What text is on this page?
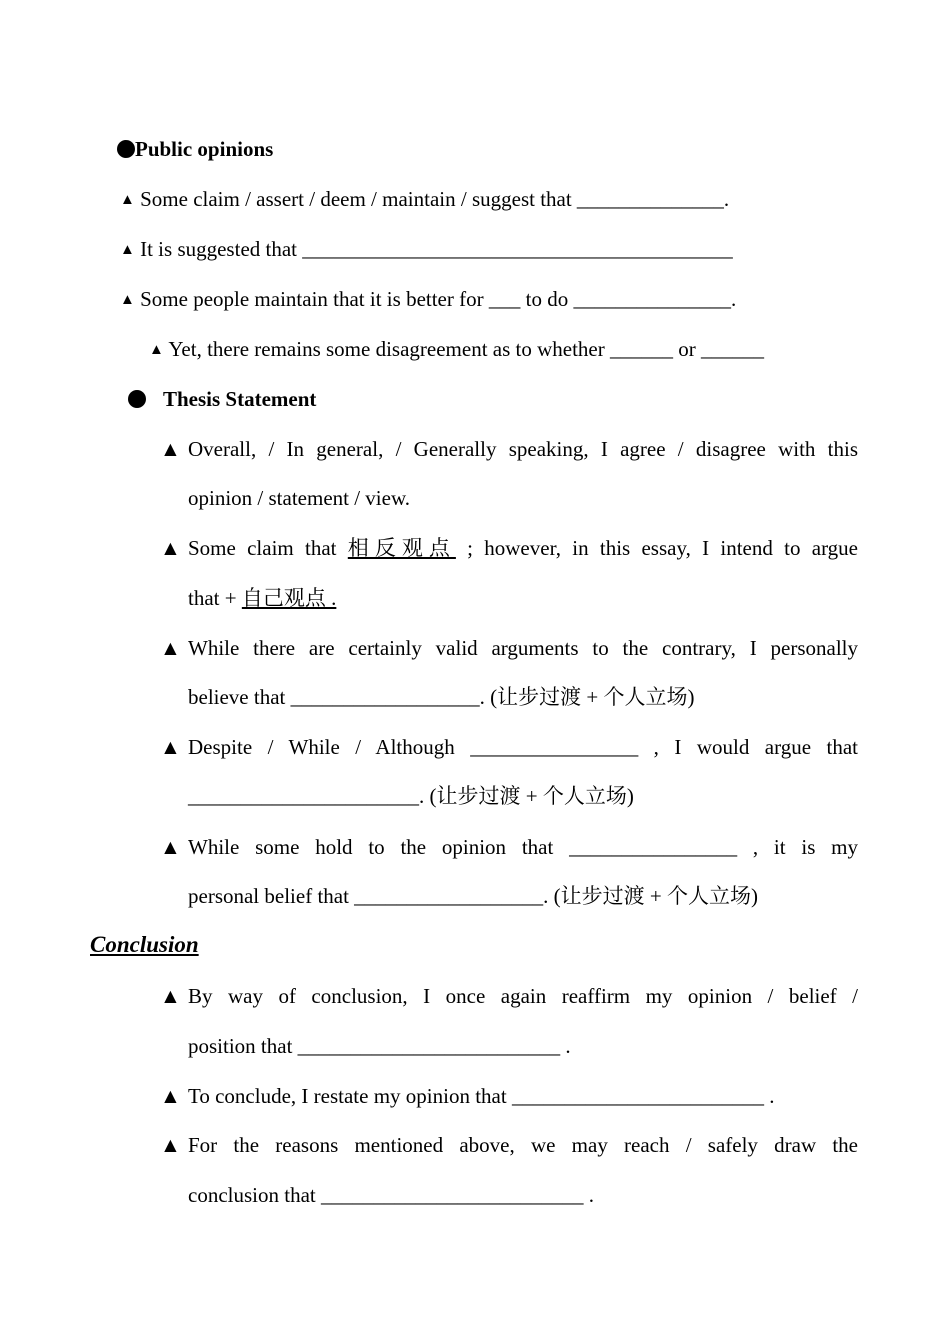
Public opinions
▲ Some claim / assert / deem / maintain / suggest that ______________.
▲ It is suggested that _________________________________________
▲ Some people maintain that it is better for ___ to do _______________.
▲ Yet, there remains some disagreement as to whether ______ or ______
Thesis Statement
▲ Overall, / In general, / Generally speaking, I agree / disagree with this
opinion / statement / view.
▲ Some claim that 相反观点 ; however, in this essay, I intend to argue
that + 自己观点 .
▲ While there are certainly valid arguments to the contrary, I personally
believe that __________________. (让步过渡 + 个人立场)
▲ Despite / While / Although ________________ , I would argue that
______________________. (让步过渡 + 个人立场)
▲ While some hold to the opinion that ________________ , it is my
personal belief that __________________. (让步过渡 + 个人立场)
Conclusion
▲ By way of conclusion, I once again reaffirm my opinion / belief /
position that _________________________ .
▲ To conclude, I restate my opinion that ________________________ .
▲ For the reasons mentioned above, we may reach / safely draw the
conclusion that _________________________ .
